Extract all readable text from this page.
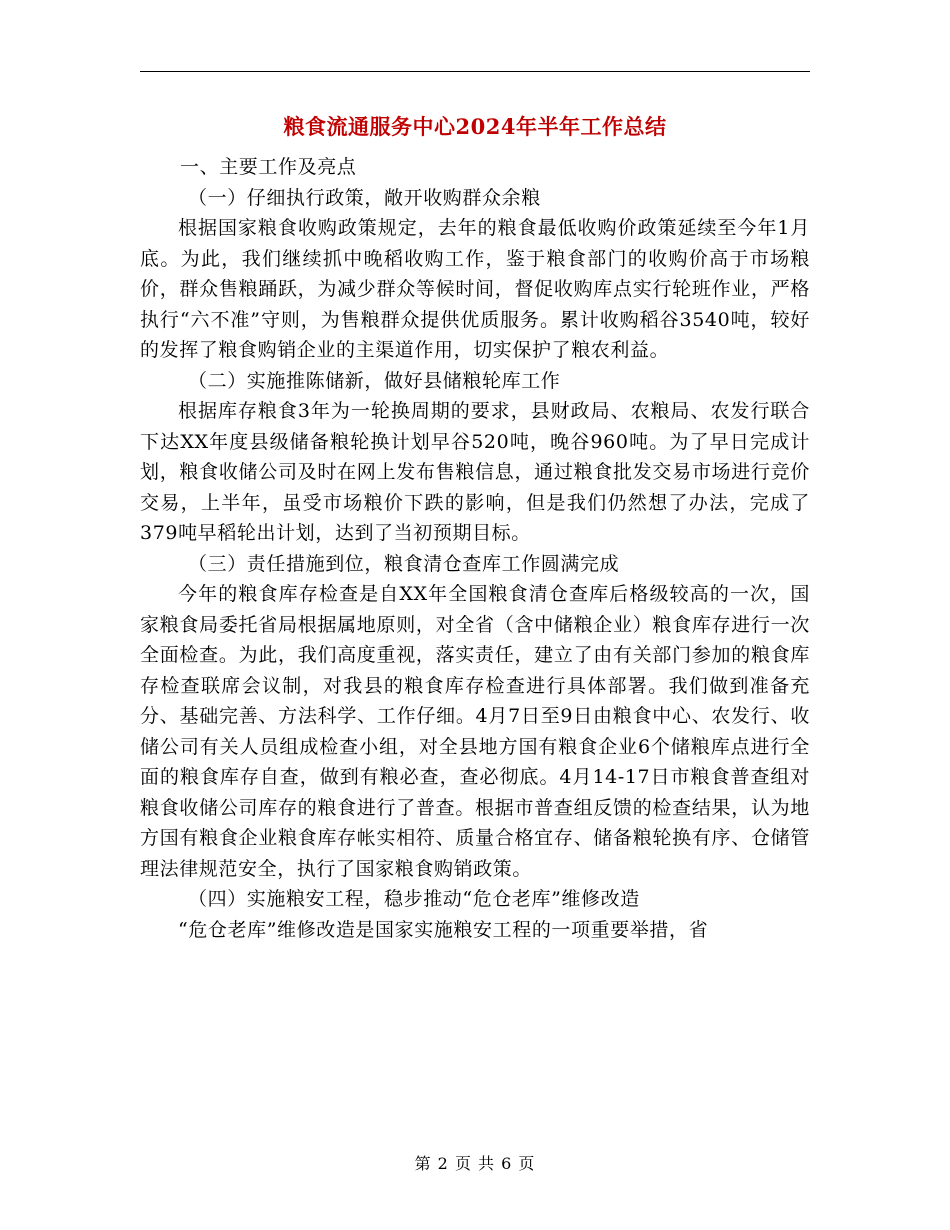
粮食流通服务中心2024年半年工作总结

一、主要工作及亮点

（一）仔细执行政策，敞开收购群众余粮

根据国家粮食收购政策规定，去年的粮食最低收购价政策延续至今年1月底。为此，我们继续抓中晚稻收购工作，鉴于粮食部门的收购价高于市场粮价，群众售粮踊跃，为减少群众等候时间，督促收购库点实行轮班作业，严格执行“六不准”守则，为售粮群众提供优质服务。累计收购稻谷3540吨，较好的发挥了粮食购销企业的主渠道作用，切实保护了粮农利益。

（二）实施推陈储新，做好县储粮轮库工作

根据库存粮食3年为一轮换周期的要求，县财政局、农粮局、农发行联合下达XX年度县级储备粮轮换计划早谷520吨，晚谷960吨。为了早日完成计划，粮食收储公司及时在网上发布售粮信息，通过粮食批发交易市场进行竞价交易，上半年，虽受市场粮价下跌的影响，但是我们仍然想了办法，完成了379吨早稻轮出计划，达到了当初预期目标。

（三）责任措施到位，粮食清仓查库工作圆满完成

今年的粮食库存检查是自XX年全国粮食清仓查库后格级较高的一次，国家粮食局委托省局根据属地原则，对全省（含中储粮企业）粮食库存进行一次全面检查。为此，我们高度重视，落实责任，建立了由有关部门参加的粮食库存检查联席会议制，对我县的粮食库存检查进行具体部署。我们做到准备充分、基础完善、方法科学、工作仔细。4月7日至9日由粮食中心、农发行、收储公司有关人员组成检查小组，对全县地方国有粮食企业6个储粮库点进行全面的粮食库存自查，做到有粮必查，查必彻底。4月14-17日市粮食普查组对粮食收储公司库存的粮食进行了普查。根据市普查组反馈的检查结果，认为地方国有粮食企业粮食库存帐实相符、质量合格宜存、储备粮轮换有序、仓储管理法律规范安全，执行了国家粮食购销政策。

（四）实施粮安工程，稳步推动“危仓老库”维修改造

“危仓老库”维修改造是国家实施粮安工程的一项重要举措，省

第 2 页 共 6 页
